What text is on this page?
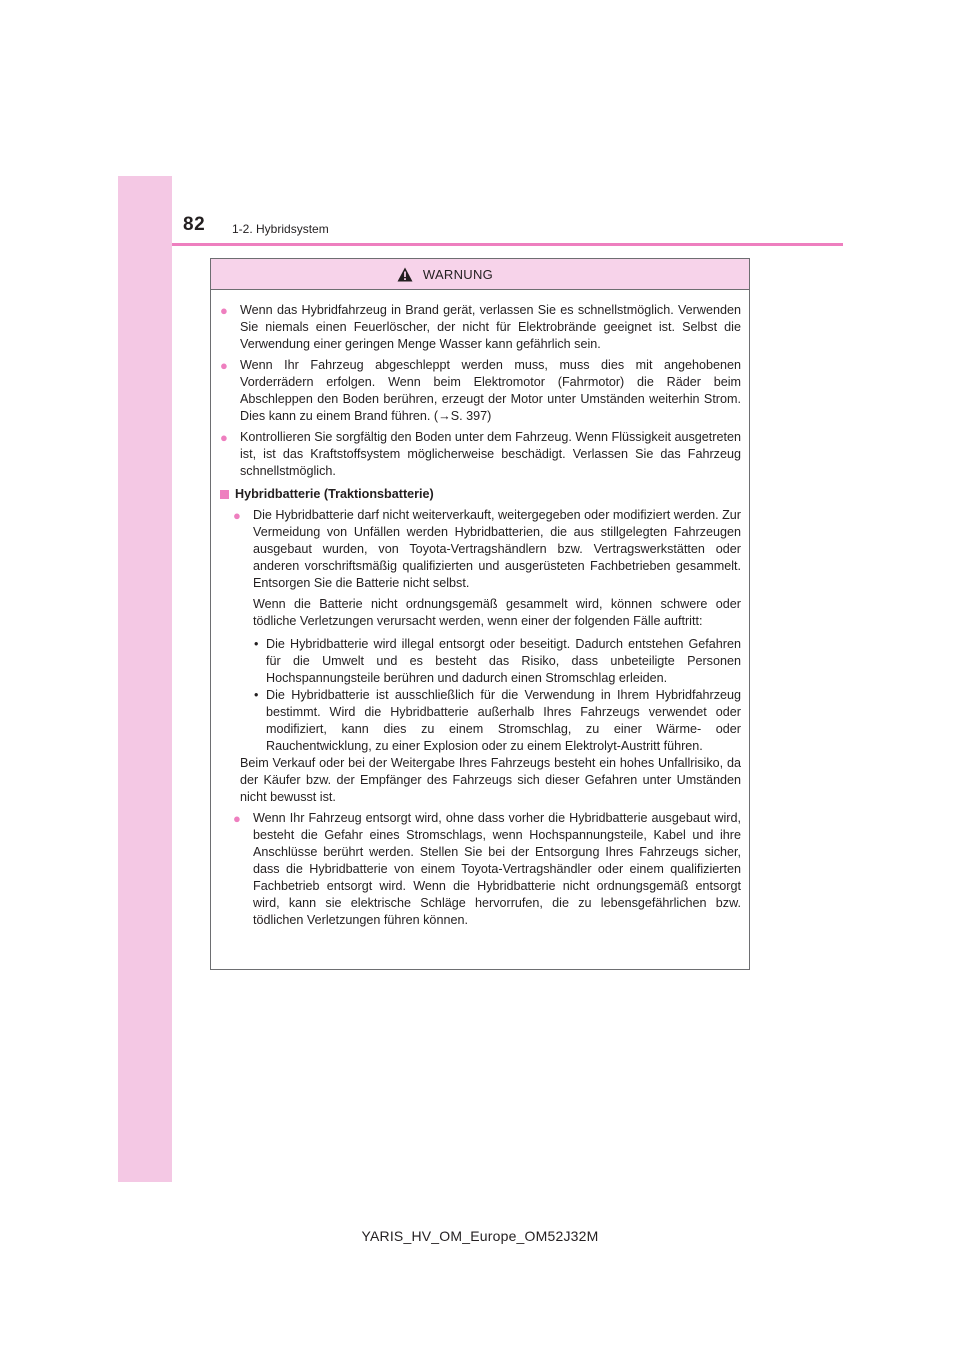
82 1-2. Hybridsystem
WARNUNG
● Wenn das Hybridfahrzeug in Brand gerät, verlassen Sie es schnellstmöglich. Verwenden Sie niemals einen Feuerlöscher, der nicht für Elektrobrände geeignet ist. Selbst die Verwendung einer geringen Menge Wasser kann gefährlich sein.
● Wenn Ihr Fahrzeug abgeschleppt werden muss, muss dies mit angehobenen Vorderrädern erfolgen. Wenn beim Elektromotor (Fahrmotor) die Räder beim Abschleppen den Boden berühren, erzeugt der Motor unter Umständen weiterhin Strom. Dies kann zu einem Brand führen. (→S. 397)
● Kontrollieren Sie sorgfältig den Boden unter dem Fahrzeug. Wenn Flüssigkeit ausgetreten ist, ist das Kraftstoffsystem möglicherweise beschädigt. Verlassen Sie das Fahrzeug schnellstmöglich.
Hybridbatterie (Traktionsbatterie)
● Die Hybridbatterie darf nicht weiterverkauft, weitergegeben oder modifiziert werden. Zur Vermeidung von Unfällen werden Hybridbatterien, die aus stillgelegten Fahrzeugen ausgebaut wurden, von Toyota-Vertragshändlern bzw. Vertragswerkstätten oder anderen vorschriftsmäßig qualifizierten und ausgerüsteten Fachbetrieben gesammelt. Entsorgen Sie die Batterie nicht selbst.
Wenn die Batterie nicht ordnungsgemäß gesammelt wird, können schwere oder tödliche Verletzungen verursacht werden, wenn einer der folgenden Fälle auftritt:
• Die Hybridbatterie wird illegal entsorgt oder beseitigt. Dadurch entstehen Gefahren für die Umwelt und es besteht das Risiko, dass unbeteiligte Personen Hochspannungsteile berühren und dadurch einen Stromschlag erleiden.
• Die Hybridbatterie ist ausschließlich für die Verwendung in Ihrem Hybridfahrzeug bestimmt. Wird die Hybridbatterie außerhalb Ihres Fahrzeugs verwendet oder modifiziert, kann dies zu einem Stromschlag, zu einer Wärme- oder Rauchentwicklung, zu einer Explosion oder zu einem Elektrolyt-Austritt führen.
Beim Verkauf oder bei der Weitergabe Ihres Fahrzeugs besteht ein hohes Unfallrisiko, da der Käufer bzw. der Empfänger des Fahrzeugs sich dieser Gefahren unter Umständen nicht bewusst ist.
● Wenn Ihr Fahrzeug entsorgt wird, ohne dass vorher die Hybridbatterie ausgebaut wird, besteht die Gefahr eines Stromschlags, wenn Hochspannungsteile, Kabel und ihre Anschlüsse berührt werden. Stellen Sie bei der Entsorgung Ihres Fahrzeugs sicher, dass die Hybridbatterie von einem Toyota-Vertragshändler oder einem qualifizierten Fachbetrieb entsorgt wird. Wenn die Hybridbatterie nicht ordnungsgemäß entsorgt wird, kann sie elektrische Schläge hervorrufen, die zu lebensgefährlichen bzw. tödlichen Verletzungen führen können.
YARIS_HV_OM_Europe_OM52J32M
